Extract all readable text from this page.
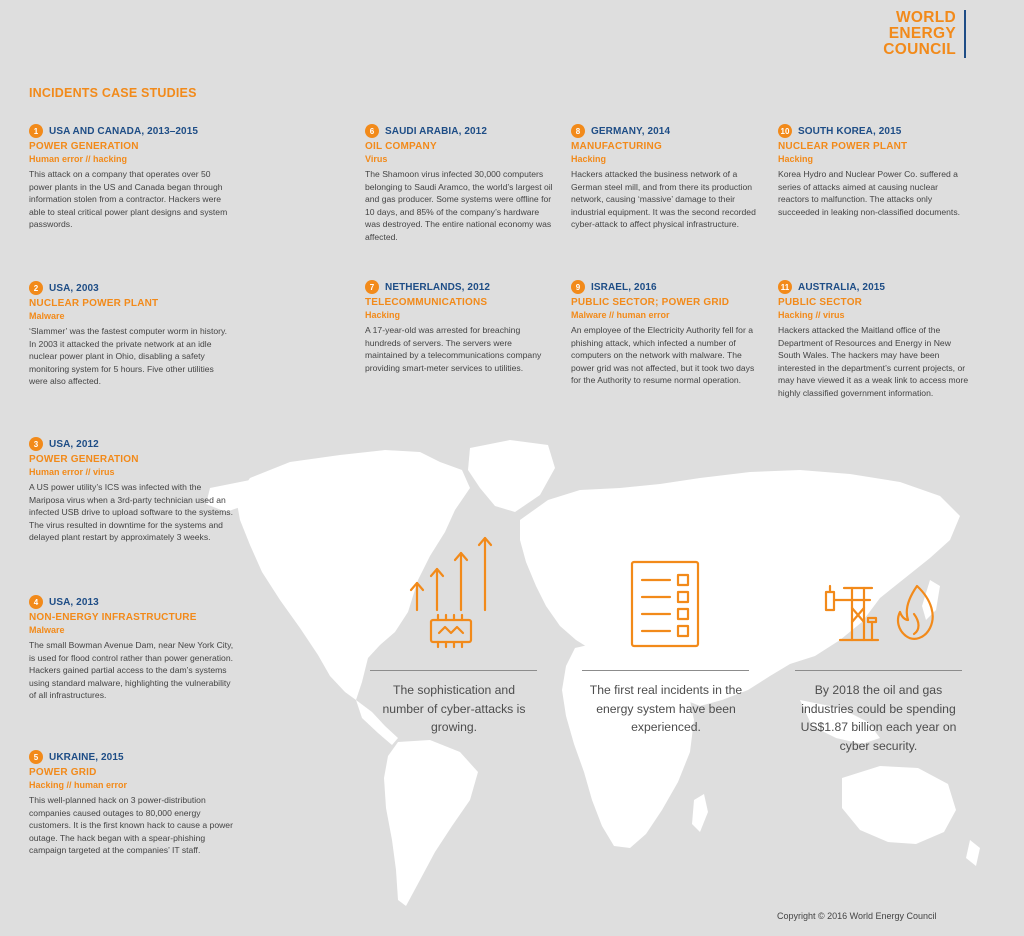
WORLD
ENERGY
COUNCIL
INCIDENTS CASE STUDIES
1	USA AND CANADA, 2013–2015
POWER GENERATION
Human error // hacking
This attack on a company that operates over 50 power plants in the US and Canada began through information stolen from a contractor. Hackers were able to steal critical power plant designs and system passwords.
2	USA, 2003
NUCLEAR POWER PLANT
Malware
‘Slammer’ was the fastest computer worm in history. In 2003 it attacked the private network at an idle nuclear power plant in Ohio, disabling a safety monitoring system for 5 hours. Five other utilities were also affected.
3	USA, 2012
POWER GENERATION
Human error // virus
A US power utility’s ICS was infected with the Mariposa virus when a 3rd-party technician used an infected USB drive to upload software to the systems. The virus resulted in downtime for the systems and delayed plant restart by approximately 3 weeks.
4	USA, 2013
NON-ENERGY INFRASTRUCTURE
Malware
The small Bowman Avenue Dam, near New York City, is used for flood control rather than power generation. Hackers gained partial access to the dam’s systems using standard malware, highlighting the vulnerability of all infrastructures.
5	UKRAINE, 2015
POWER GRID
Hacking // human error
This well-planned hack on 3 power-distribution companies caused outages to 80,000 energy customers. It is the first known hack to cause a power outage. The hack began with a spear-phishing campaign targeted at the companies’ IT staff.
6	SAUDI ARABIA, 2012
OIL COMPANY
Virus
The Shamoon virus infected 30,000 computers belonging to Saudi Aramco, the world’s largest oil and gas producer. Some systems were offline for 10 days, and 85% of the company’s hardware was destroyed. The entire national economy was affected.
7	NETHERLANDS, 2012
TELECOMMUNICATIONS
Hacking
A 17-year-old was arrested for breaching hundreds of servers. The servers were maintained by a telecommunications company providing smart-meter services to utilities.
8	GERMANY, 2014
MANUFACTURING
Hacking
Hackers attacked the business network of a German steel mill, and from there its production network, causing ‘massive’ damage to their industrial equipment. It was the second recorded cyber-attack to affect physical infrastructure.
9	ISRAEL, 2016
PUBLIC SECTOR; POWER GRID
Malware // human error
An employee of the Electricity Authority fell for a phishing attack, which infected a number of computers on the network with malware. The power grid was not affected, but it took two days for the Authority to resume normal operation.
10 SOUTH KOREA, 2015
NUCLEAR POWER PLANT
Hacking
Korea Hydro and Nuclear Power Co. suffered a series of attacks aimed at causing nuclear reactors to malfunction. The attacks only succeeded in leaking non-classified documents.
11 AUSTRALIA, 2015
PUBLIC SECTOR
Hacking // virus
Hackers attacked the Maitland office of the Department of Resources and Energy in New South Wales. The hackers may have been interested in the department’s current projects, or may have viewed it as a weak link to access more highly classified government information.
The sophistication and number of cyber-attacks is growing.
The first real incidents in the energy system have been experienced.
By 2018 the oil and gas industries could be spending US$1.87 billion each year on cyber security.
Copyright © 2016 World Energy Council
